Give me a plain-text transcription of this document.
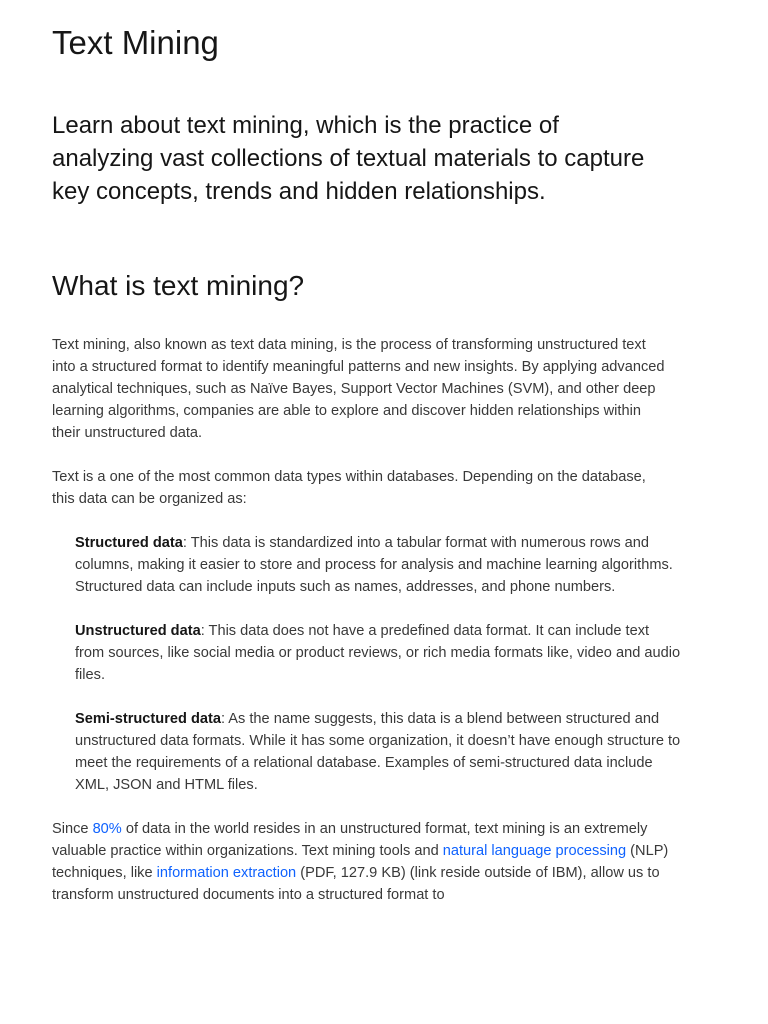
Text Mining

Learn about text mining, which is the practice of analyzing vast collections of textual materials to capture key concepts, trends and hidden relationships.

What is text mining?

Text mining, also known as text data mining, is the process of transforming unstructured text into a structured format to identify meaningful patterns and new insights. By applying advanced analytical techniques, such as Naïve Bayes, Support Vector Machines (SVM), and other deep learning algorithms, companies are able to explore and discover hidden relationships within their unstructured data.

Text is a one of the most common data types within databases. Depending on the database, this data can be organized as:

Structured data: This data is standardized into a tabular format with numerous rows and columns, making it easier to store and process for analysis and machine learning algorithms. Structured data can include inputs such as names, addresses, and phone numbers.
Unstructured data: This data does not have a predefined data format. It can include text from sources, like social media or product reviews, or rich media formats like, video and audio files.
Semi-structured data: As the name suggests, this data is a blend between structured and unstructured data formats. While it has some organization, it doesn’t have enough structure to meet the requirements of a relational database. Examples of semi-structured data include XML, JSON and HTML files.

Since 80% of data in the world resides in an unstructured format, text mining is an extremely valuable practice within organizations. Text mining tools and natural language processing (NLP) techniques, like information extraction (PDF, 127.9 KB) (link reside outside of IBM), allow us to transform unstructured documents into a structured format to
